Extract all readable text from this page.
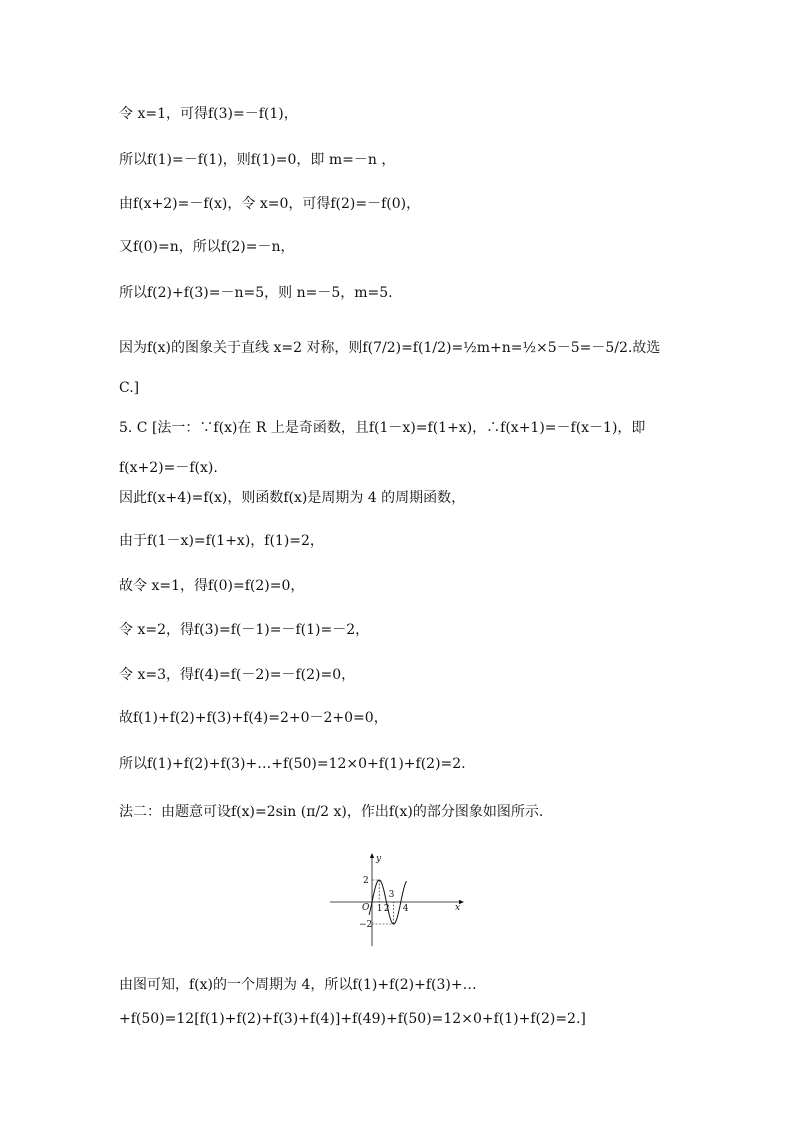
令 x=1，可得f(3)=－f(1)，
所以f(1)=－f(1)，则f(1)=0，即 m=－n ，
由f(x+2)=－f(x)，令 x=0，可得f(2)=－f(0)，
又f(0)=n，所以f(2)=－n，
所以f(2)+f(3)=－n=5，则 n=－5，m=5.
因为f(x)的图象关于直线 x=2 对称，则f(7/2)=f(1/2)=½m+n=½×5－5=－5/2.故选 C.]
5. C [法一：∵f(x)在 R 上是奇函数，且f(1－x)=f(1+x)，∴f(x+1)=－f(x－1)，即f(x+2)=－f(x).
因此f(x+4)=f(x)，则函数f(x)是周期为 4 的周期函数，
由于f(1－x)=f(1+x)，f(1)=2，
故令 x=1，得f(0)=f(2)=0，
令 x=2，得f(3)=f(－1)=－f(1)=－2，
令 x=3，得f(4)=f(－2)=－f(2)=0，
故f(1)+f(2)+f(3)+f(4)=2+0－2+0=0，
所以f(1)+f(2)+f(3)+…+f(50)=12×0+f(1)+f(2)=2.
法二：由题意可设f(x)=2sin (π/2 x)，作出f(x)的部分图象如图所示.
x
y
O
2
−2
1 2
3
4
由图可知，f(x)的一个周期为 4，所以f(1)+f(2)+f(3)+…+f(50)=12[f(1)+f(2)+f(3)+f(4)]+f(49)+f(50)=12×0+f(1)+f(2)=2.]
